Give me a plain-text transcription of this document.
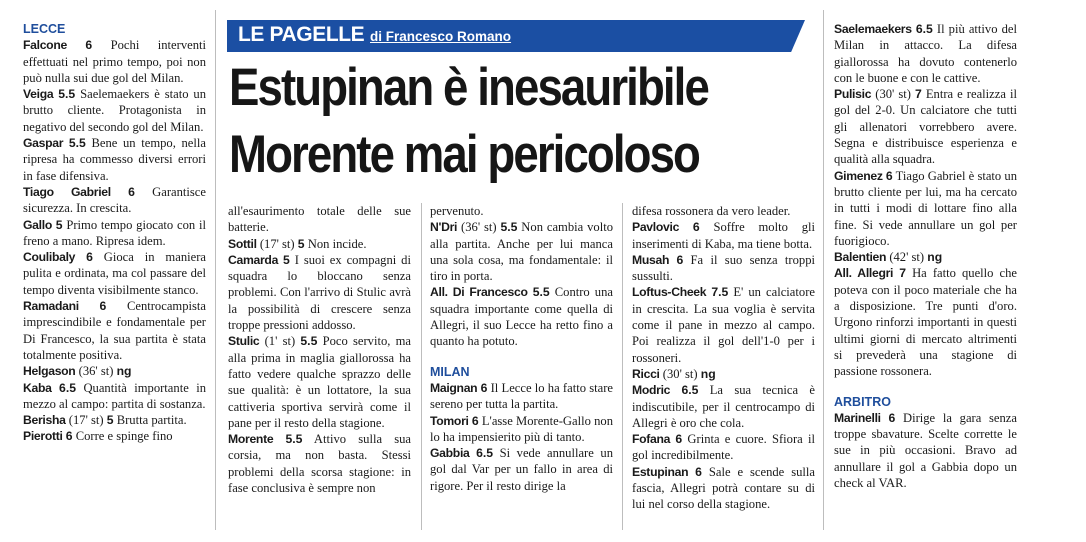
LE PAGELLE di Francesco Romano
Estupinan è inesauribile
Morente mai pericoloso
LECCE

Falcone 6 Pochi interventi effettuati nel primo tempo, poi non può nulla sui due gol del Milan.

Veiga 5.5 Saelemaekers è stato un brutto cliente. Protagonista in negativo del secondo gol del Milan.

Gaspar 5.5 Bene un tempo, nella ripresa ha commesso diversi errori in fase difensiva.

Tiago Gabriel 6 Garantisce sicurezza. In crescita.

Gallo 5 Primo tempo giocato con il freno a mano. Ripresa idem.

Coulibaly 6 Gioca in maniera pulita e ordinata, ma col passare del tempo diventa visibilmente stanco.

Ramadani 6 Centrocampista imprescindibile e fondamentale per Di Francesco, la sua partita è stata totalmente positiva.

Helgason (36' st) ng

Kaba 6.5 Quantità importante in mezzo al campo: partita di sostanza.

Berisha (17' st) 5 Brutta partita.

Pierotti 6 Corre e spinge fino

all'esaurimento totale delle sue batterie.

Sottil (17' st) 5 Non incide.

Camarda 5 I suoi ex compagni di squadra lo bloccano senza problemi. Con l'arrivo di Stulic avrà la possibilità di crescere senza troppe pressioni addosso.

Stulic (1' st) 5.5 Poco servito, ma alla prima in maglia giallorossa ha fatto vedere qualche sprazzo delle sue qualità: è un lottatore, la sua cattiveria sportiva servirà come il pane per il resto della stagione.

Morente 5.5 Attivo sulla sua corsia, ma non basta. Stessi problemi della scorsa stagione: in fase conclusiva è sempre non

pervenuto.

N'Dri (36' st) 5.5 Non cambia volto alla partita. Anche per lui manca una sola cosa, ma fondamentale: il tiro in porta.

All. Di Francesco 5.5 Contro una squadra importante come quella di Allegri, il suo Lecce ha retto fino a quanto ha potuto.

MILAN

Maignan 6 Il Lecce lo ha fatto stare sereno per tutta la partita.

Tomori 6 L'asse Morente-Gallo non lo ha impensierito più di tanto.

Gabbia 6.5 Si vede annullare un gol dal Var per un fallo in area di rigore. Per il resto dirige la

difesa rossonera da vero leader.

Pavlovic 6 Soffre molto gli inserimenti di Kaba, ma tiene botta.

Musah 6 Fa il suo senza troppi sussulti.

Loftus-Cheek 7.5 E' un calciatore in crescita. La sua voglia è servita come il pane in mezzo al campo. Poi realizza il gol dell'1-0 per i rossoneri.

Ricci (30' st) ng

Modric 6.5 La sua tecnica è indiscutibile, per il centrocampo di Allegri è oro che cola.

Fofana 6 Grinta e cuore. Sfiora il gol incredibilmente.

Estupinan 6 Sale e scende sulla fascia, Allegri potrà contare su di lui nel corso della stagione.

Saelemaekers 6.5 Il più attivo del Milan in attacco. La difesa giallorossa ha dovuto contenerlo con le buone e con le cattive.

Pulisic (30' st) 7 Entra e realizza il gol del 2-0. Un calciatore che tutti gli allenatori vorrebbero avere. Segna e distribuisce esperienza e qualità alla squadra.

Gimenez 6 Tiago Gabriel è stato un brutto cliente per lui, ma ha cercato in tutti i modi di lottare fino alla fine. Si vede annullare un gol per fuorigioco.

Balentien (42' st) ng

All. Allegri 7 Ha fatto quello che poteva con il poco materiale che ha a disposizione. Tre punti d'oro. Urgono rinforzi importanti in questi ultimi giorni di mercato altrimenti si prevederà una stagione di passione rossonera.

ARBITRO

Marinelli 6 Dirige la gara senza troppe sbavature. Scelte corrette le sue in più occasioni. Bravo ad annullare il gol a Gabbia dopo un check al VAR.
